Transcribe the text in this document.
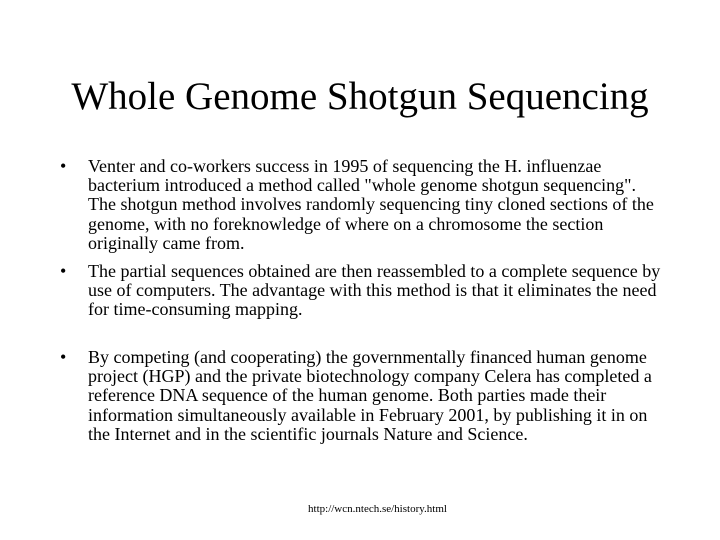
Whole Genome Shotgun Sequencing
•	Venter and co-workers success in 1995 of sequencing the H. influenzae bacterium introduced a method called "whole genome shotgun sequencing". The shotgun method involves randomly sequencing tiny cloned sections of the genome, with no foreknowledge of where on a chromosome the section originally came from.
•	The partial sequences obtained are then reassembled to a complete sequence by use of computers. The advantage with this method is that it eliminates the need for time-consuming mapping.
•	By competing (and cooperating) the governmentally financed human genome project (HGP) and the private biotechnology company Celera has completed a reference DNA sequence of the human genome. Both parties made their information simultaneously available in February 2001, by publishing it in on the Internet and in the scientific journals Nature and Science.
http://wcn.ntech.se/history.html
